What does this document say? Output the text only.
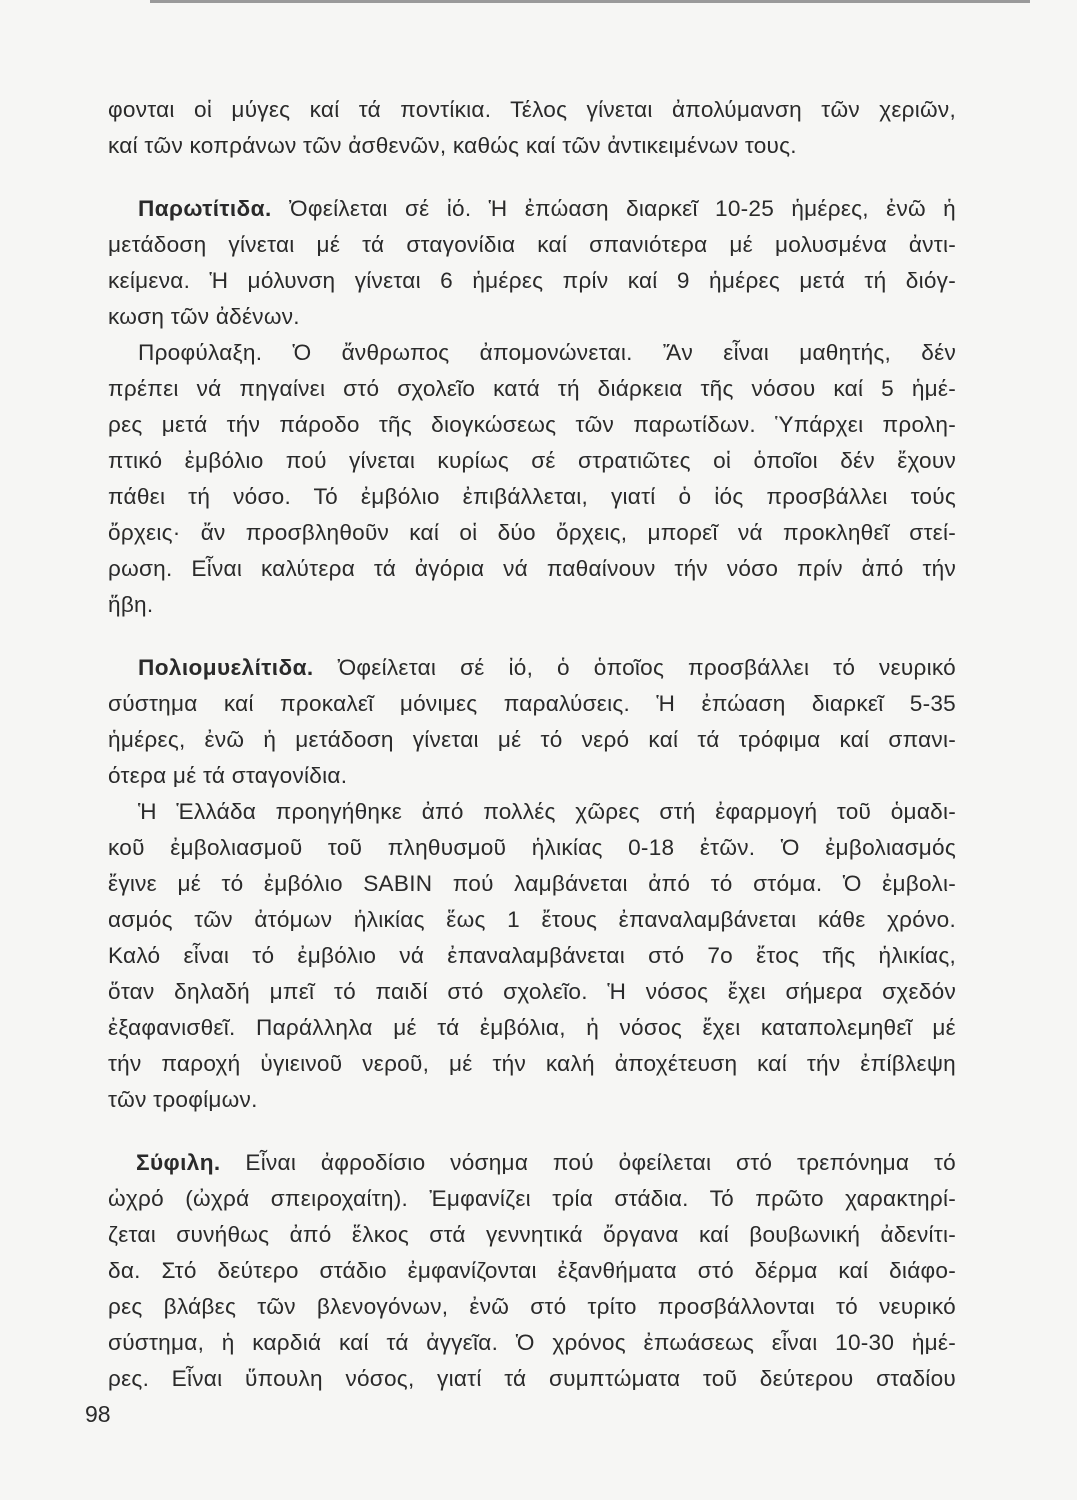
φονται οἱ μύγες καί τά ποντίκια. Τέλος γίνεται ἀπολύμανση τῶν χεριῶν,
καί τῶν κοπράνων τῶν ἀσθενῶν, καθώς καί τῶν ἀντικειμένων τους.
Παρωτίτιδα. Ὀφείλεται σέ ἰό. Ἡ ἐπώαση διαρκεῖ 10-25 ἡμέρες, ἐνῶ ἡ
μετάδοση γίνεται μέ τά σταγονίδια καί σπανιότερα μέ μολυσμένα ἀντι-
κείμενα. Ἡ μόλυνση γίνεται 6 ἡμέρες πρίν καί 9 ἡμέρες μετά τή διόγ-
κωση τῶν ἀδένων.
Προφύλαξη. Ὁ ἄνθρωπος ἀπομονώνεται. Ἄν εἶναι μαθητής, δέν
πρέπει νά πηγαίνει στό σχολεῖο κατά τή διάρκεια τῆς νόσου καί 5 ἡμέ-
ρες μετά τήν πάροδο τῆς διογκώσεως τῶν παρωτίδων. Ὑπάρχει προλη-
πτικό ἐμβόλιο πού γίνεται κυρίως σέ στρατιῶτες οἱ ὁποῖοι δέν ἔχουν
πάθει τή νόσο. Τό ἐμβόλιο ἐπιβάλλεται, γιατί ὁ ἰός προσβάλλει τούς
ὄρχεις· ἄν προσβληθοῦν καί οἱ δύο ὄρχεις, μπορεῖ νά προκληθεῖ στεί-
ρωση. Εἶναι καλύτερα τά ἀγόρια νά παθαίνουν τήν νόσο πρίν ἀπό τήν
ἥβη.
Πολιομυελίτιδα. Ὀφείλεται σέ ἰό, ὁ ὁποῖος προσβάλλει τό νευρικό
σύστημα καί προκαλεῖ μόνιμες παραλύσεις. Ἡ ἐπώαση διαρκεῖ 5-35
ἡμέρες, ἐνῶ ἡ μετάδοση γίνεται μέ τό νερό καί τά τρόφιμα καί σπανι-
ότερα μέ τά σταγονίδια.
Ἡ Ἑλλάδα προηγήθηκε ἀπό πολλές χῶρες στή ἐφαρμογή τοῦ ὁμαδι-
κοῦ ἐμβολιασμοῦ τοῦ πληθυσμοῦ ἡλικίας 0-18 ἐτῶν. Ὁ ἐμβολιασμός
ἔγινε μέ τό ἐμβόλιο SABIN πού λαμβάνεται ἀπό τό στόμα. Ὁ ἐμβολι-
ασμός τῶν ἀτόμων ἡλικίας ἕως 1 ἔτους ἐπαναλαμβάνεται κάθε χρόνο.
Καλό εἶναι τό ἐμβόλιο νά ἐπαναλαμβάνεται στό 7ο ἔτος τῆς ἡλικίας,
ὅταν δηλαδή μπεῖ τό παιδί στό σχολεῖο. Ἡ νόσος ἔχει σήμερα σχεδόν
ἐξαφανισθεῖ. Παράλληλα μέ τά ἐμβόλια, ἡ νόσος ἔχει καταπολεμηθεῖ μέ
τήν παροχή ὑγιεινοῦ νεροῦ, μέ τήν καλή ἀποχέτευση καί τήν ἐπίβλεψη
τῶν τροφίμων.
Σύφιλη. Εἶναι ἀφροδίσιο νόσημα πού ὀφείλεται στό τρεπόνημα τό
ὠχρό (ὠχρά σπειροχαίτη). Ἐμφανίζει τρία στάδια. Τό πρῶτο χαρακτηρί-
ζεται συνήθως ἀπό ἕλκος στά γεννητικά ὄργανα καί βουβωνική ἀδενίτι-
δα. Στό δεύτερο στάδιο ἐμφανίζονται ἐξανθήματα στό δέρμα καί διάφο-
ρες βλάβες τῶν βλενογόνων, ἐνῶ στό τρίτο προσβάλλονται τό νευρικό
σύστημα, ἡ καρδιά καί τά ἀγγεῖα. Ὁ χρόνος ἐπωάσεως εἶναι 10-30 ἡμέ-
ρες. Εἶναι ὕπουλη νόσος, γιατί τά συμπτώματα τοῦ δεύτερου σταδίου
98
